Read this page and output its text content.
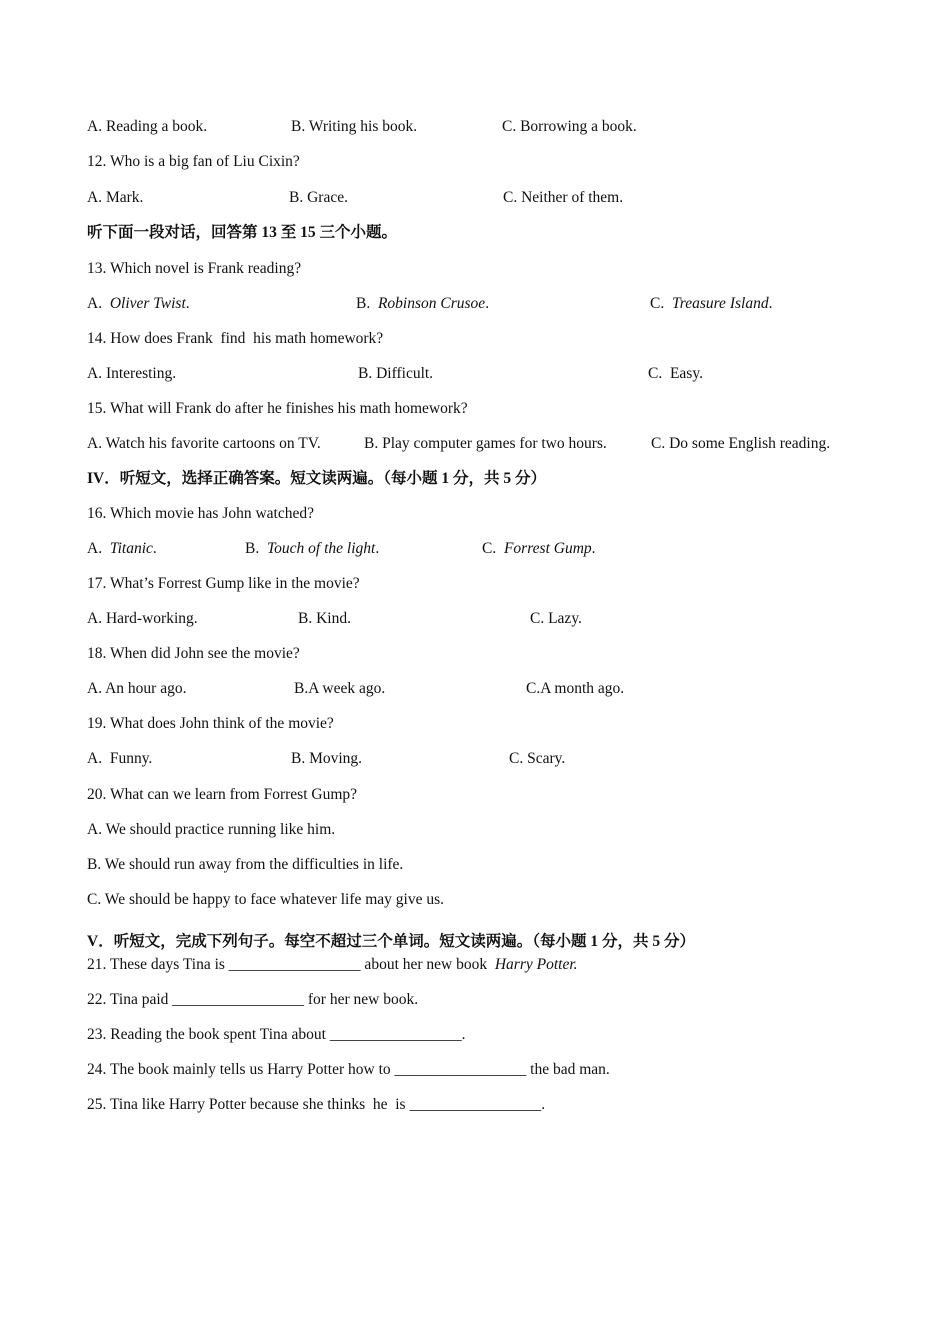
A. Reading a book.	B. Writing his book.	C. Borrowing a book.
12. Who is a big fan of Liu Cixin?
A. Mark.	B. Grace.	C. Neither of them.
听下面一段对话，回答第 13 至 15 三个小题。
13. Which novel is Frank reading?
A.  Oliver Twist.	B.  Robinson Crusoe.	C.  Treasure Island.
14. How does Frank  find  his math homework?
A. Interesting.	B. Difficult.	C.  Easy.
15. What will Frank do after he finishes his math homework?
A. Watch his favorite cartoons on TV.	B. Play computer games for two hours.	C. Do some English reading.
IV．听短文，选择正确答案。短文读两遍。（每小题 1 分，共 5 分）
16. Which movie has John watched?
A.  Titanic.	B.  Touch of the light.	C.  Forrest Gump.
17. What’s Forrest Gump like in the movie?
A. Hard-working.	B. Kind.	C. Lazy.
18. When did John see the movie?
A. An hour ago.	B.A week ago.	C.A month ago.
19. What does John think of the movie?
A.  Funny.	B. Moving.	C. Scary.
20. What can we learn from Forrest Gump?
A. We should practice running like him.
B. We should run away from the difficulties in life.
C. We should be happy to face whatever life may give us.
V．听短文，完成下列句子。每空不超过三个单词。短文读两遍。（每小题 1 分，共 5 分）
21. These days Tina is _________________ about her new book  Harry Potter.
22. Tina paid _________________ for her new book.
23. Reading the book spent Tina about _________________.
24. The book mainly tells us Harry Potter how to _________________ the bad man.
25. Tina like Harry Potter because she thinks  he  is _________________.
